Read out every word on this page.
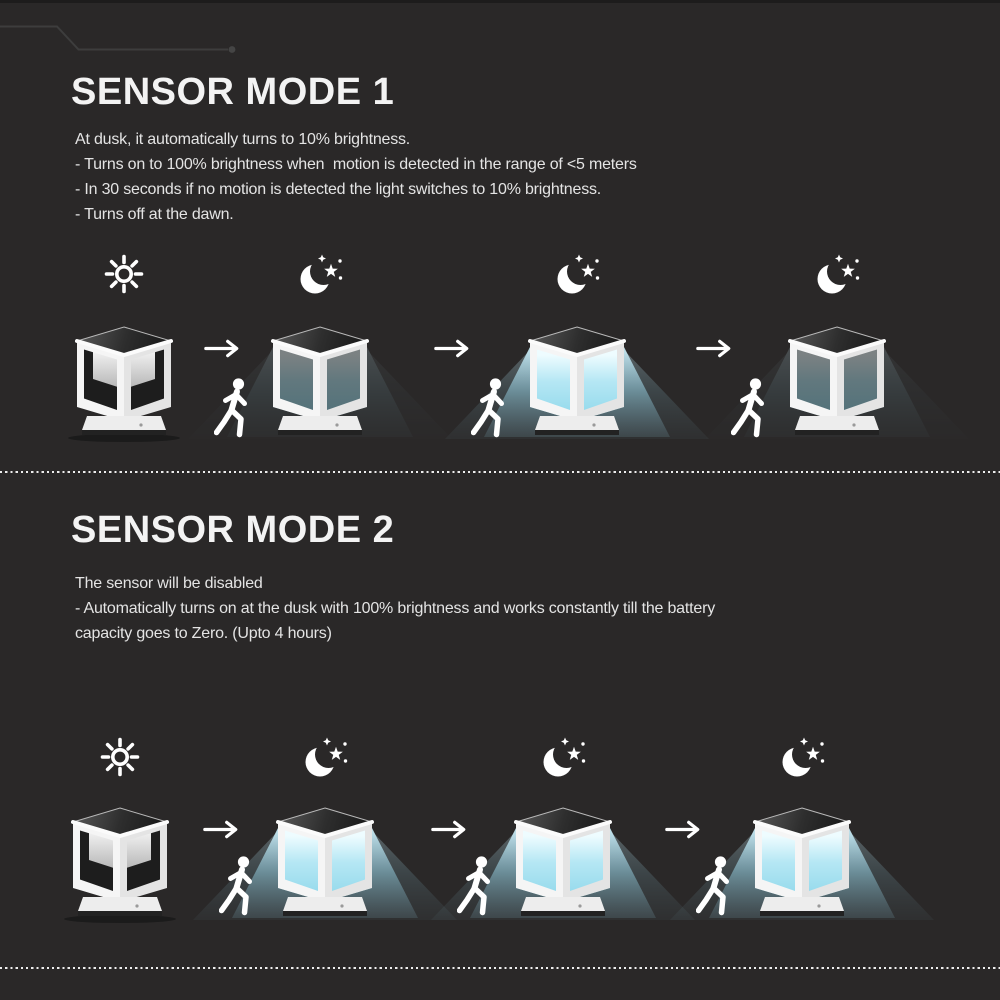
SENSOR MODE 1
At dusk, it automatically turns to 10% brightness.
- Turns on to 100% brightness when  motion is detected in the range of <5 meters
- In 30 seconds if no motion is detected the light switches to 10% brightness.
- Turns off at the dawn.
SENSOR MODE 2
The sensor will be disabled
- Automatically turns on at the dusk with 100% brightness and works constantly till the battery
capacity goes to Zero. (Upto 4 hours)
